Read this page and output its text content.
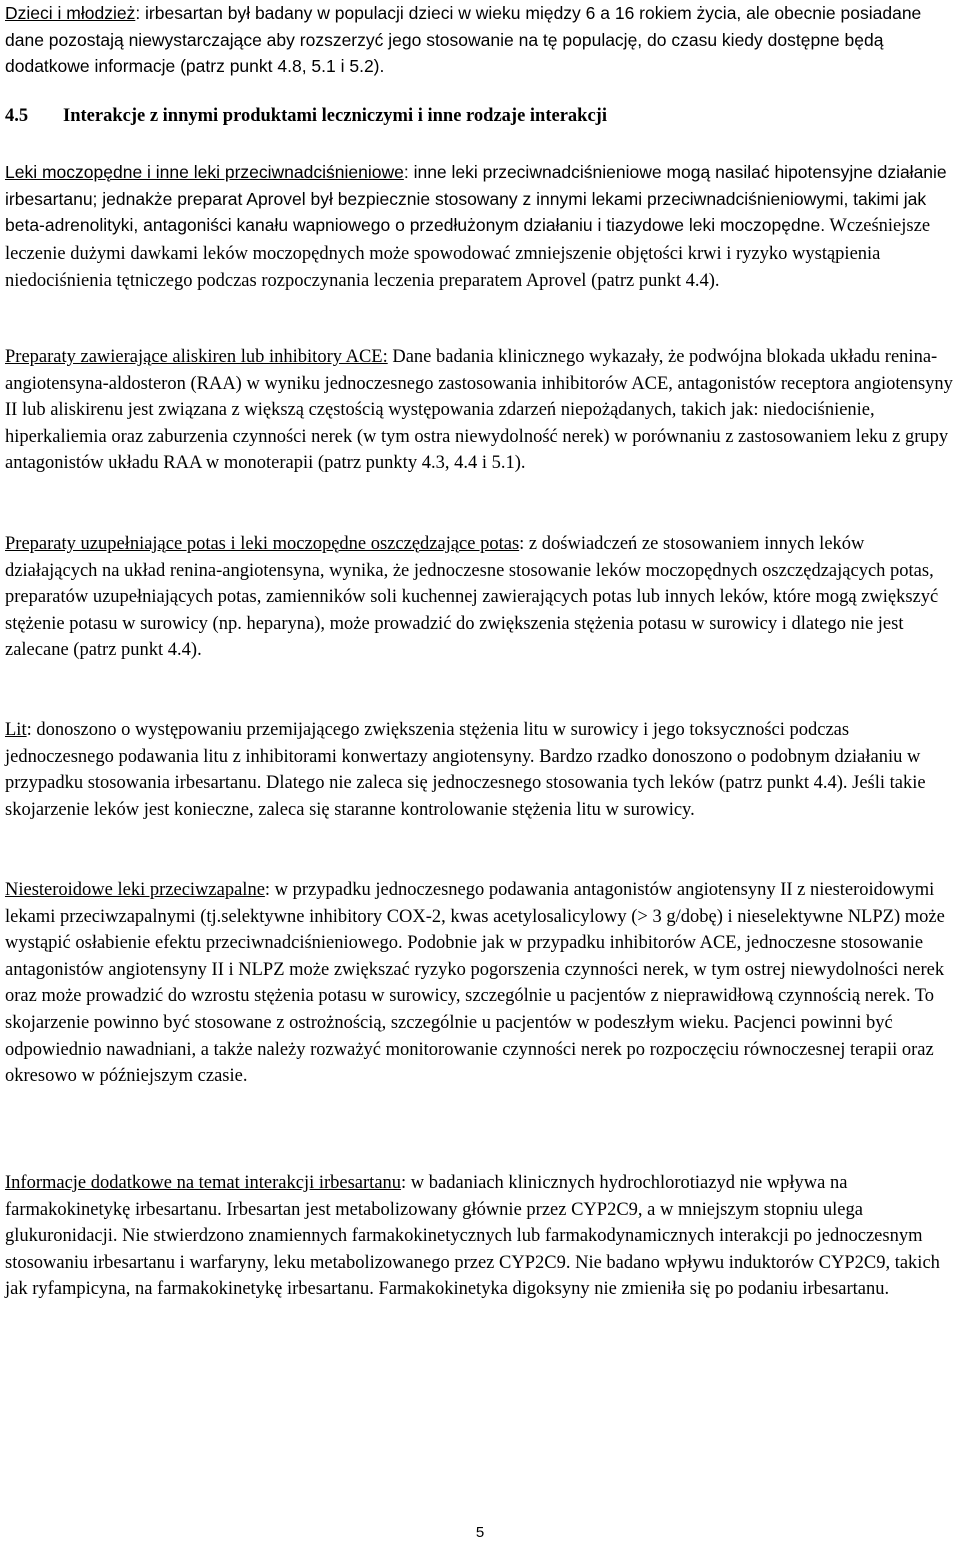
Dzieci i młodzież: irbesartan był badany w populacji dzieci w wieku między 6 a 16 rokiem życia, ale obecnie posiadane dane pozostają niewystarczające aby rozszerzyć jego stosowanie na tę populację, do czasu kiedy dostępne będą dodatkowe informacje (patrz punkt 4.8, 5.1 i 5.2).

4.5	Interakcje z innymi produktami leczniczymi i inne rodzaje interakcji

Leki moczopędne i inne leki przeciwnadciśnieniowe: inne leki przeciwnadciśnieniowe mogą nasilać hipotensyjne działanie irbesartanu; jednakże preparat Aprovel był bezpiecznie stosowany z innymi lekami przeciwnadciśnieniowymi, takimi jak beta-adrenolityki, antagoniści kanału wapniowego o przedłużonym działaniu i tiazydowe leki moczopędne. Wcześniejsze leczenie dużymi dawkami leków moczopędnych może spowodować zmniejszenie objętości krwi i ryzyko wystąpienia niedociśnienia tętniczego podczas rozpoczynania leczenia preparatem Aprovel (patrz punkt 4.4).

Preparaty zawierające aliskiren lub inhibitory ACE: Dane badania klinicznego wykazały, że podwójna blokada układu renina-angiotensyna-aldosteron (RAA) w wyniku jednoczesnego zastosowania inhibitorów ACE, antagonistów receptora angiotensyny II lub aliskirenu jest związana z większą częstością występowania zdarzeń niepożądanych, takich jak: niedociśnienie, hiperkaliemia oraz zaburzenia czynności nerek (w tym ostra niewydolność nerek) w porównaniu z zastosowaniem leku z grupy antagonistów układu RAA w monoterapii (patrz punkty 4.3, 4.4 i 5.1).

Preparaty uzupełniające potas i leki moczopędne oszczędzające potas: z doświadczeń ze stosowaniem innych leków działających na układ renina-angiotensyna, wynika, że jednoczesne stosowanie leków moczopędnych oszczędzających potas, preparatów uzupełniających potas, zamienników soli kuchennej zawierających potas lub innych leków, które mogą zwiększyć stężenie potasu w surowicy (np. heparyna), może prowadzić do zwiększenia stężenia potasu w surowicy i dlatego nie jest zalecane (patrz punkt 4.4).

Lit: donoszono o występowaniu przemijającego zwiększenia stężenia litu w surowicy i jego toksyczności podczas jednoczesnego podawania litu z inhibitorami konwertazy angiotensyny. Bardzo rzadko donoszono o podobnym działaniu w przypadku stosowania irbesartanu. Dlatego nie zaleca się jednoczesnego stosowania tych leków (patrz punkt 4.4). Jeśli takie skojarzenie leków jest konieczne, zaleca się staranne kontrolowanie stężenia litu w surowicy.

Niesteroidowe leki przeciwzapalne: w przypadku jednoczesnego podawania antagonistów angiotensyny II z niesteroidowymi lekami przeciwzapalnymi (tj.selektywne inhibitory COX-2, kwas acetylosalicylowy (> 3 g/dobę) i nieselektywne NLPZ) może wystąpić osłabienie efektu przeciwnadciśnieniowego. Podobnie jak w przypadku inhibitorów ACE, jednoczesne stosowanie antagonistów angiotensyny II i NLPZ może zwiększać ryzyko pogorszenia czynności nerek, w tym ostrej niewydolności nerek oraz może prowadzić do wzrostu stężenia potasu w surowicy, szczególnie u pacjentów z nieprawidłową czynnością nerek. To skojarzenie powinno być stosowane z ostrożnością, szczególnie u pacjentów w podeszłym wieku. Pacjenci powinni być odpowiednio nawadniani, a także należy rozważyć monitorowanie czynności nerek po rozpoczęciu równoczesnej terapii oraz okresowo w późniejszym czasie.

Informacje dodatkowe na temat interakcji irbesartanu: w badaniach klinicznych hydrochlorotiazyd nie wpływa na farmakokinetykę irbesartanu. Irbesartan jest metabolizowany głównie przez CYP2C9, a w mniejszym stopniu ulega glukuronidacji. Nie stwierdzono znamiennych farmakokinetycznych lub farmakodynamicznych interakcji po jednoczesnym stosowaniu irbesartanu i warfaryny, leku metabolizowanego przez CYP2C9. Nie badano wpływu induktorów CYP2C9, takich jak ryfampicyna, na farmakokinetykę irbesartanu. Farmakokinetyka digoksyny nie zmieniła się po podaniu irbesartanu.

5
